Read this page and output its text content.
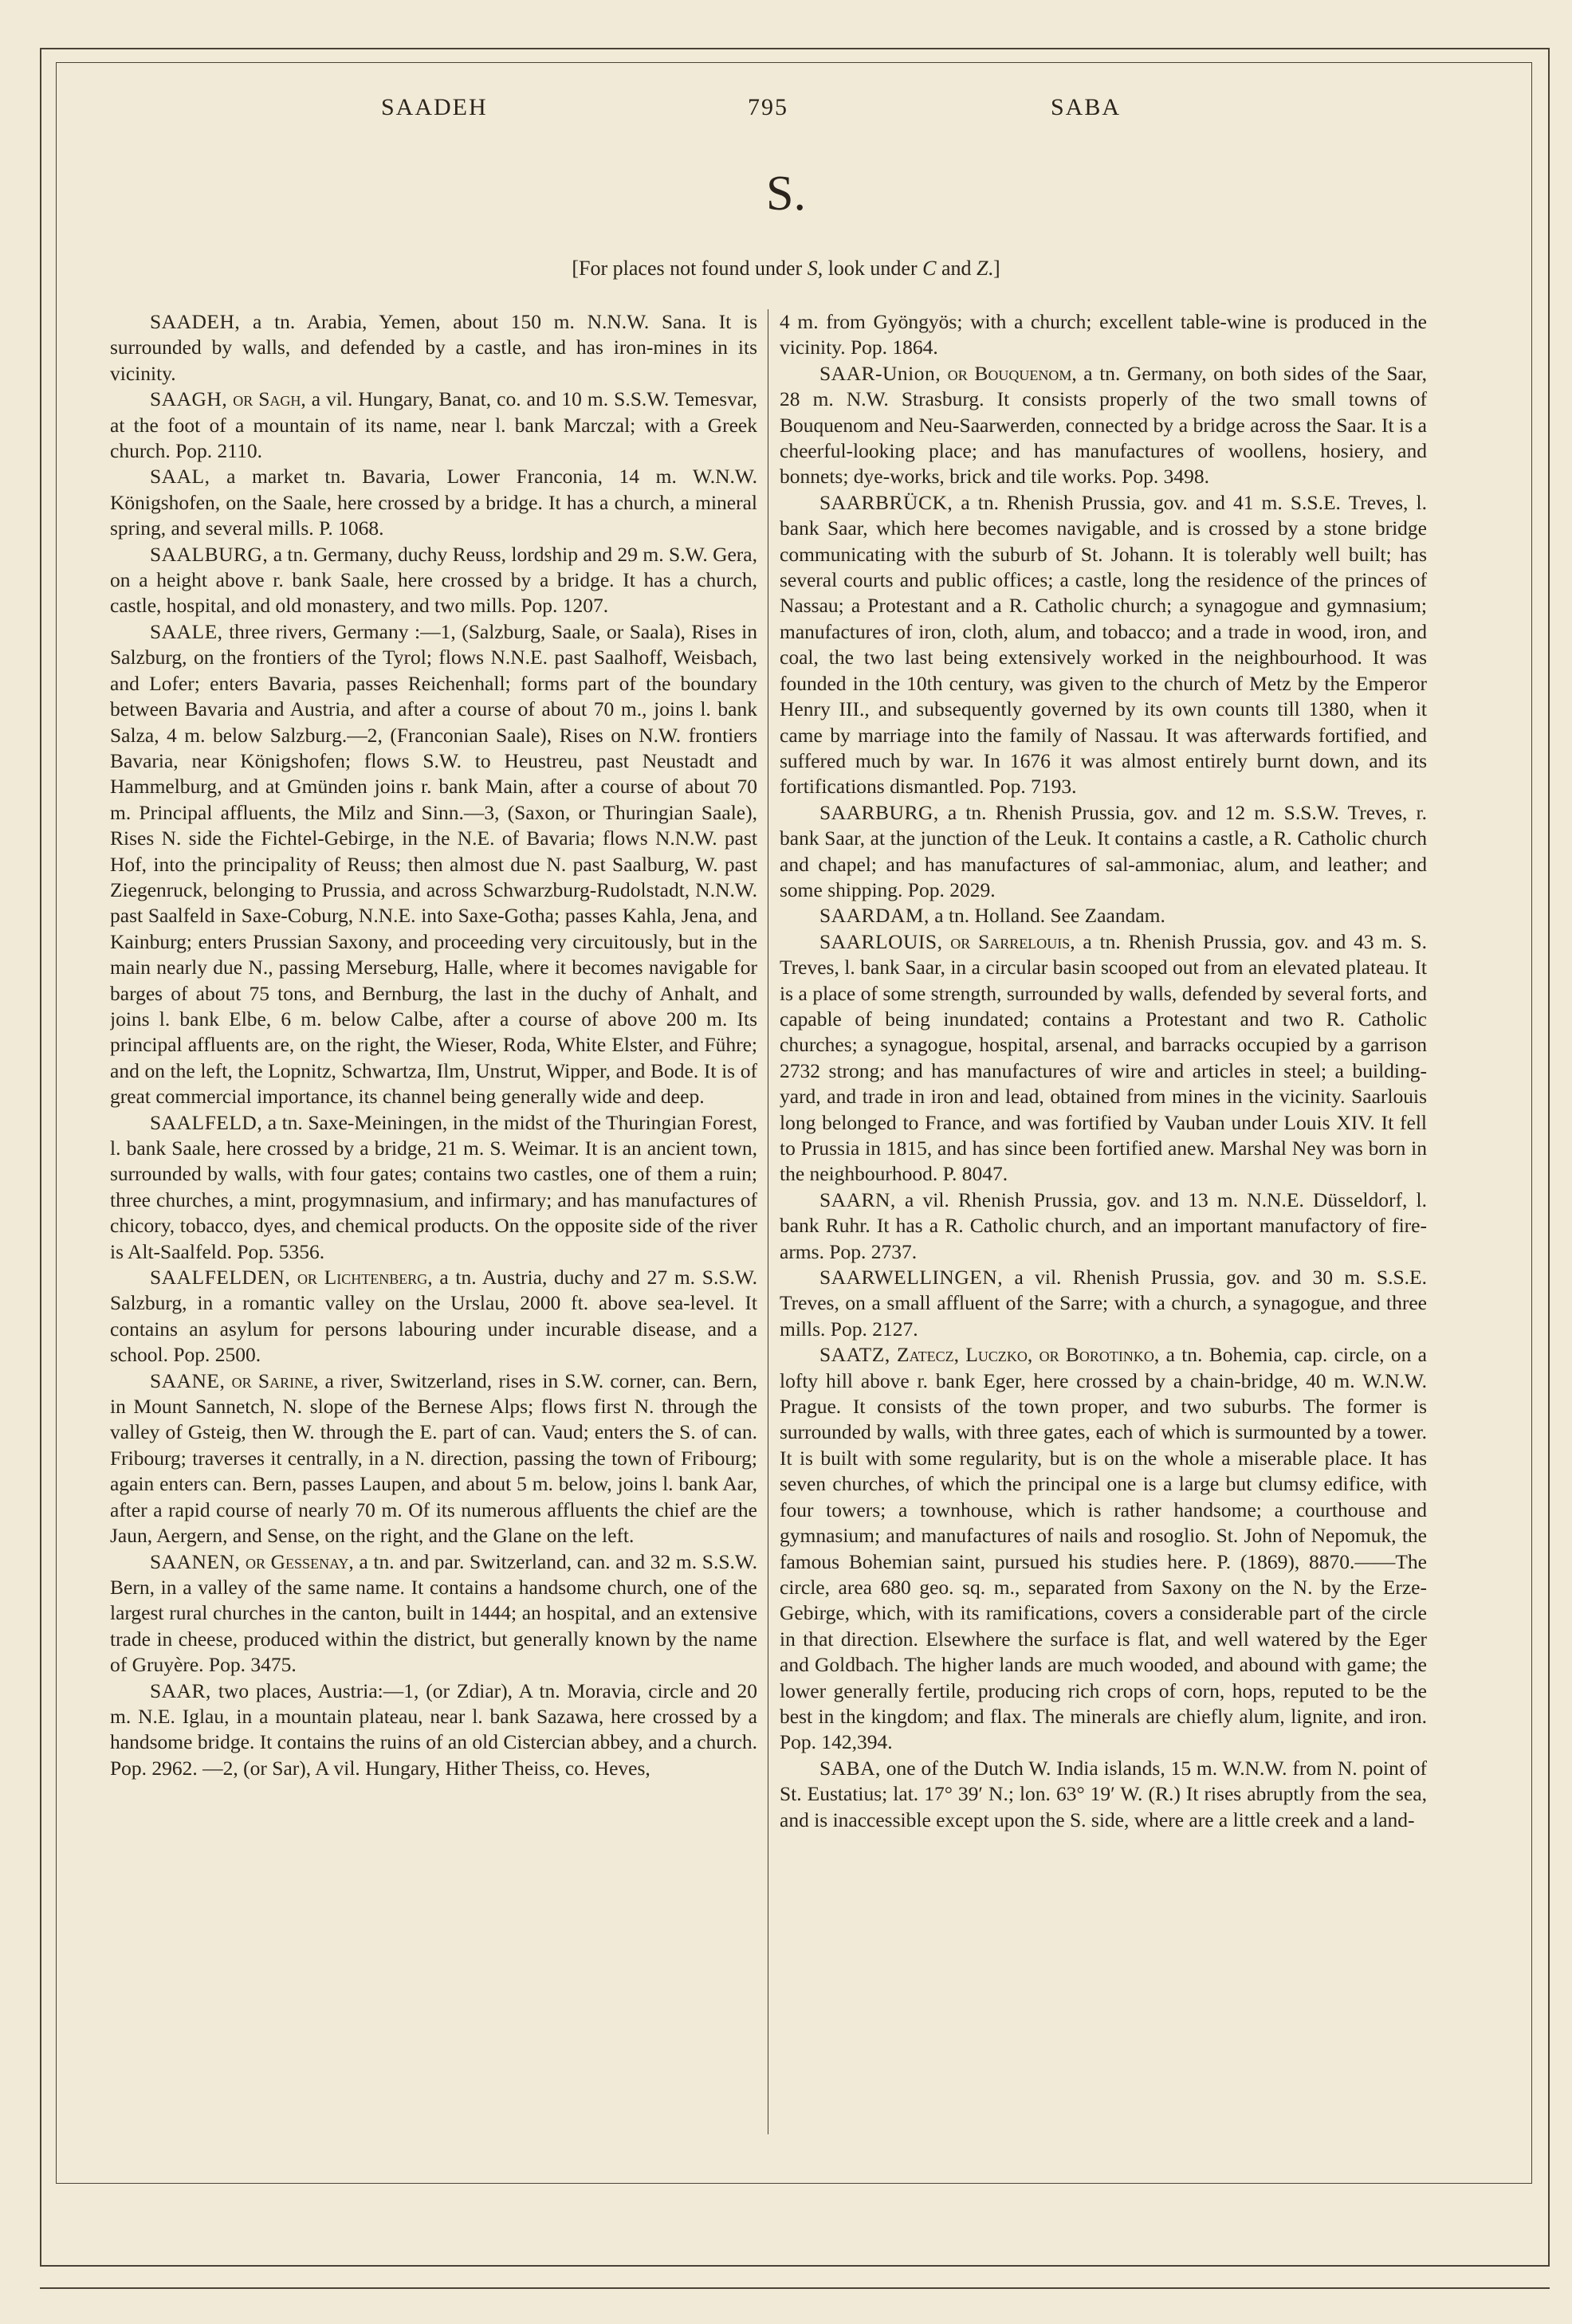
SAADEH	795	SABA
S.
[For places not found under S, look under C and Z.]

SAADEH, a tn. Arabia, Yemen, about 150 m. N.N.W. Sana. It is surrounded by walls, and defended by a castle, and has iron-mines in its vicinity.

SAAGH, or Sagh, a vil. Hungary, Banat, co. and 10 m. S.S.W. Temesvar, at the foot of a mountain of its name, near l. bank Marczal; with a Greek church. Pop. 2110.

SAAL, a market tn. Bavaria, Lower Franconia, 14 m. W.N.W. Königshofen, on the Saale, here crossed by a bridge. It has a church, a mineral spring, and several mills. P. 1068.

SAALBURG, a tn. Germany, duchy Reuss, lordship and 29 m. S.W. Gera, on a height above r. bank Saale, here crossed by a bridge. It has a church, castle, hospital, and old monastery, and two mills. Pop. 1207.

SAALE, three rivers, Germany :—1, (Salzburg, Saale, or Saala), Rises in Salzburg, on the frontiers of the Tyrol; flows N.N.E. past Saalhoff, Weisbach, and Lofer; enters Bavaria, passes Reichenhall; forms part of the boundary between Bavaria and Austria, and after a course of about 70 m., joins l. bank Salza, 4 m. below Salzburg.—2, (Franconian Saale), Rises on N.W. frontiers Bavaria, near Königshofen; flows S.W. to Heustreu, past Neustadt and Hammelburg, and at Gmünden joins r. bank Main, after a course of about 70 m. Principal affluents, the Milz and Sinn.—3, (Saxon, or Thuringian Saale), Rises N. side the Fichtel-Gebirge, in the N.E. of Bavaria; flows N.N.W. past Hof, into the principality of Reuss; then almost due N. past Saalburg, W. past Ziegenruck, belonging to Prussia, and across Schwarzburg-Rudolstadt, N.N.W. past Saalfeld in Saxe-Coburg, N.N.E. into Saxe-Gotha; passes Kahla, Jena, and Kainburg; enters Prussian Saxony, and proceeding very circuitously, but in the main nearly due N., passing Merseburg, Halle, where it becomes navigable for barges of about 75 tons, and Bernburg, the last in the duchy of Anhalt, and joins l. bank Elbe, 6 m. below Calbe, after a course of above 200 m. Its principal affluents are, on the right, the Wieser, Roda, White Elster, and Führe; and on the left, the Lopnitz, Schwartza, Ilm, Unstrut, Wipper, and Bode. It is of great commercial importance, its channel being generally wide and deep.

SAALFELD, a tn. Saxe-Meiningen, in the midst of the Thuringian Forest, l. bank Saale, here crossed by a bridge, 21 m. S. Weimar. It is an ancient town, surrounded by walls, with four gates; contains two castles, one of them a ruin; three churches, a mint, progymnasium, and infirmary; and has manufactures of chicory, tobacco, dyes, and chemical products. On the opposite side of the river is Alt-Saalfeld. Pop. 5356.

SAALFELDEN, or Lichtenberg, a tn. Austria, duchy and 27 m. S.S.W. Salzburg, in a romantic valley on the Urslau, 2000 ft. above sea-level. It contains an asylum for persons labouring under incurable disease, and a school. Pop. 2500.

SAANE, or Sarine, a river, Switzerland, rises in S.W. corner, can. Bern, in Mount Sannetch, N. slope of the Bernese Alps; flows first N. through the valley of Gsteig, then W. through the E. part of can. Vaud; enters the S. of can. Fribourg; traverses it centrally, in a N. direction, passing the town of Fribourg; again enters can. Bern, passes Laupen, and about 5 m. below, joins l. bank Aar, after a rapid course of nearly 70 m. Of its numerous affluents the chief are the Jaun, Aergern, and Sense, on the right, and the Glane on the left.

SAANEN, or Gessenay, a tn. and par. Switzerland, can. and 32 m. S.S.W. Bern, in a valley of the same name. It contains a handsome church, one of the largest rural churches in the canton, built in 1444; an hospital, and an extensive trade in cheese, produced within the district, but generally known by the name of Gruyère. Pop. 3475.

SAAR, two places, Austria:—1, (or Zdiar), A tn. Moravia, circle and 20 m. N.E. Iglau, in a mountain plateau, near l. bank Sazawa, here crossed by a handsome bridge. It contains the ruins of an old Cistercian abbey, and a church. Pop. 2962. —2, (or Sar), A vil. Hungary, Hither Theiss, co. Heves,

4 m. from Gyöngyös; with a church; excellent table-wine is produced in the vicinity. Pop. 1864.

SAAR-Union, or Bouquenom, a tn. Germany, on both sides of the Saar, 28 m. N.W. Strasburg. It consists properly of the two small towns of Bouquenom and Neu-Saarwerden, connected by a bridge across the Saar. It is a cheerful-looking place; and has manufactures of woollens, hosiery, and bonnets; dye-works, brick and tile works. Pop. 3498.

SAARBRÜCK, a tn. Rhenish Prussia, gov. and 41 m. S.S.E. Treves, l. bank Saar, which here becomes navigable, and is crossed by a stone bridge communicating with the suburb of St. Johann. It is tolerably well built; has several courts and public offices; a castle, long the residence of the princes of Nassau; a Protestant and a R. Catholic church; a synagogue and gymnasium; manufactures of iron, cloth, alum, and tobacco; and a trade in wood, iron, and coal, the two last being extensively worked in the neighbourhood. It was founded in the 10th century, was given to the church of Metz by the Emperor Henry III., and subsequently governed by its own counts till 1380, when it came by marriage into the family of Nassau. It was afterwards fortified, and suffered much by war. In 1676 it was almost entirely burnt down, and its fortifications dismantled. Pop. 7193.

SAARBURG, a tn. Rhenish Prussia, gov. and 12 m. S.S.W. Treves, r. bank Saar, at the junction of the Leuk. It contains a castle, a R. Catholic church and chapel; and has manufactures of sal-ammoniac, alum, and leather; and some shipping. Pop. 2029.

SAARDAM, a tn. Holland. See Zaandam.

SAARLOUIS, or Sarrelouis, a tn. Rhenish Prussia, gov. and 43 m. S. Treves, l. bank Saar, in a circular basin scooped out from an elevated plateau. It is a place of some strength, surrounded by walls, defended by several forts, and capable of being inundated; contains a Protestant and two R. Catholic churches; a synagogue, hospital, arsenal, and barracks occupied by a garrison 2732 strong; and has manufactures of wire and articles in steel; a building-yard, and trade in iron and lead, obtained from mines in the vicinity. Saarlouis long belonged to France, and was fortified by Vauban under Louis XIV. It fell to Prussia in 1815, and has since been fortified anew. Marshal Ney was born in the neighbourhood. P. 8047.

SAARN, a vil. Rhenish Prussia, gov. and 13 m. N.N.E. Düsseldorf, l. bank Ruhr. It has a R. Catholic church, and an important manufactory of fire-arms. Pop. 2737.

SAARWELLINGEN, a vil. Rhenish Prussia, gov. and 30 m. S.S.E. Treves, on a small affluent of the Sarre; with a church, a synagogue, and three mills. Pop. 2127.

SAATZ, Zatecz, Luczko, or Borotinko, a tn. Bohemia, cap. circle, on a lofty hill above r. bank Eger, here crossed by a chain-bridge, 40 m. W.N.W. Prague. It consists of the town proper, and two suburbs. The former is surrounded by walls, with three gates, each of which is surmounted by a tower. It is built with some regularity, but is on the whole a miserable place. It has seven churches, of which the principal one is a large but clumsy edifice, with four towers; a townhouse, which is rather handsome; a courthouse and gymnasium; and manufactures of nails and rosoglio. St. John of Nepomuk, the famous Bohemian saint, pursued his studies here. P. (1869), 8870.——The circle, area 680 geo. sq. m., separated from Saxony on the N. by the Erze-Gebirge, which, with its ramifications, covers a considerable part of the circle in that direction. Elsewhere the surface is flat, and well watered by the Eger and Goldbach. The higher lands are much wooded, and abound with game; the lower generally fertile, producing rich crops of corn, hops, reputed to be the best in the kingdom; and flax. The minerals are chiefly alum, lignite, and iron. Pop. 142,394.

SABA, one of the Dutch W. India islands, 15 m. W.N.W. from N. point of St. Eustatius; lat. 17° 39′ N.; lon. 63° 19′ W. (R.) It rises abruptly from the sea, and is inaccessible except upon the S. side, where are a little creek and a land-
